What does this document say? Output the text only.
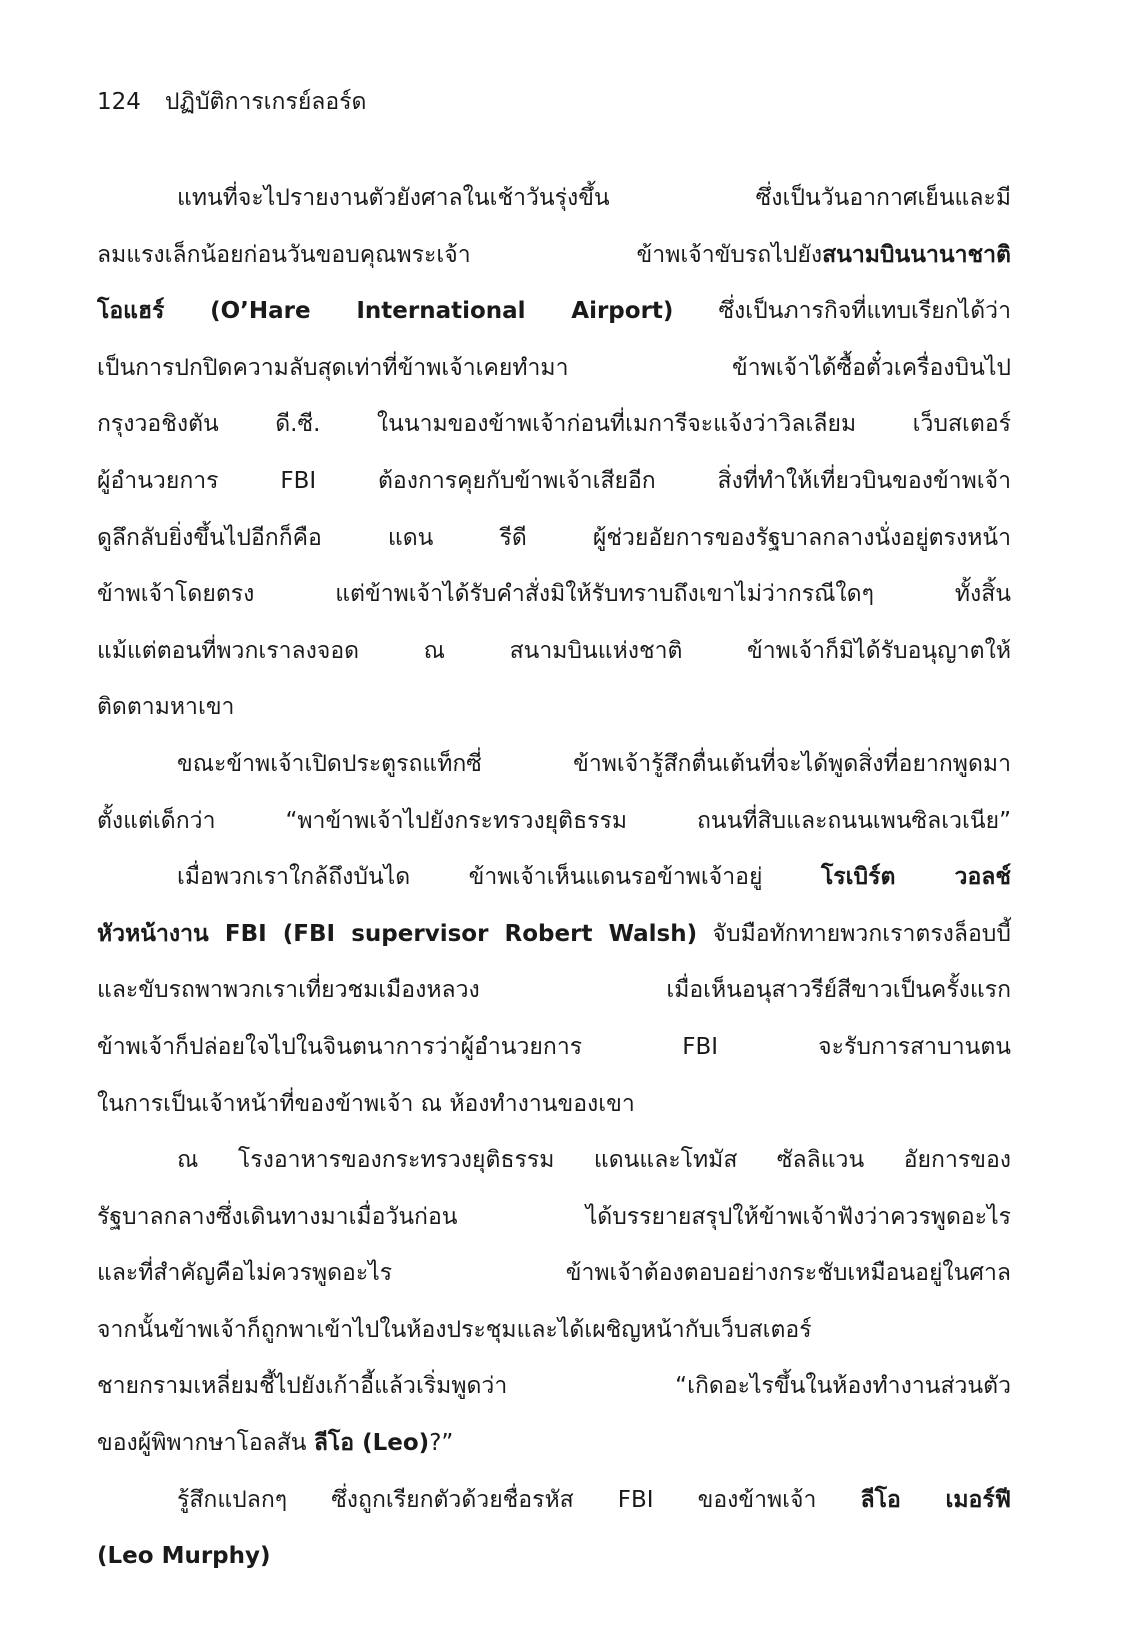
124 ปฏิบัติการเกรย์ลอร์ด
แทนที่จะไปรายงานตัวยังศาลในเช้าวันรุ่งขึ้น ซึ่งเป็นวันอากาศเย็นและมี
ลมแรงเล็กน้อยก่อนวันขอบคุณพระเจ้า ข้าพเจ้าขับรถไปยังสนามบินนานาชาติ
โอแฮร์ (O’Hare International Airport) ซึ่งเป็นภารกิจที่แทบเรียกได้ว่า
เป็นการปกปิดความลับสุดเท่าที่ข้าพเจ้าเคยทำมา ข้าพเจ้าได้ซื้อตั๋วเครื่องบินไป
กรุงวอชิงตัน ดี.ซี. ในนามของข้าพเจ้าก่อนที่เมการีจะแจ้งว่าวิลเลียม เว็บสเตอร์
ผู้อำนวยการ FBI ต้องการคุยกับข้าพเจ้าเสียอีก สิ่งที่ทำให้เที่ยวบินของข้าพเจ้า
ดูลึกลับยิ่งขึ้นไปอีกก็คือ แดน รีดี ผู้ช่วยอัยการของรัฐบาลกลางนั่งอยู่ตรงหน้า
ข้าพเจ้าโดยตรง แต่ข้าพเจ้าได้รับคำสั่งมิให้รับทราบถึงเขาไม่ว่ากรณีใดๆ ทั้งสิ้น
แม้แต่ตอนที่พวกเราลงจอด ณ สนามบินแห่งชาติ ข้าพเจ้าก็มิได้รับอนุญาตให้
ติดตามหาเขา
ขณะข้าพเจ้าเปิดประตูรถแท็กซี่ ข้าพเจ้ารู้สึกตื่นเต้นที่จะได้พูดสิ่งที่อยากพูดมา
ตั้งแต่เด็กว่า “พาข้าพเจ้าไปยังกระทรวงยุติธรรม ถนนที่สิบและถนนเพนซิลเวเนีย”
เมื่อพวกเราใกล้ถึงบันได ข้าพเจ้าเห็นแดนรอข้าพเจ้าอยู่ โรเบิร์ต วอลช์
หัวหน้างาน FBI (FBI supervisor Robert Walsh) จับมือทักทายพวกเราตรงล็อบบี้
และขับรถพาพวกเราเที่ยวชมเมืองหลวง เมื่อเห็นอนุสาวรีย์สีขาวเป็นครั้งแรก
ข้าพเจ้าก็ปล่อยใจไปในจินตนาการว่าผู้อำนวยการ FBI จะรับการสาบานตน
ในการเป็นเจ้าหน้าที่ของข้าพเจ้า ณ ห้องทำงานของเขา
ณ โรงอาหารของกระทรวงยุติธรรม แดนและโทมัส ซัลลิแวน อัยการของ
รัฐบาลกลางซึ่งเดินทางมาเมื่อวันก่อน ได้บรรยายสรุปให้ข้าพเจ้าฟังว่าควรพูดอะไร
และที่สำคัญคือไม่ควรพูดอะไร ข้าพเจ้าต้องตอบอย่างกระชับเหมือนอยู่ในศาล
จากนั้นข้าพเจ้าก็ถูกพาเข้าไปในห้องประชุมและได้เผชิญหน้ากับเว็บสเตอร์
ชายกรามเหลี่ยมชี้ไปยังเก้าอี้แล้วเริ่มพูดว่า “เกิดอะไรขึ้นในห้องทำงานส่วนตัว
ของผู้พิพากษาโอลสัน ลีโอ (Leo)?”
รู้สึกแปลกๆ ซึ่งถูกเรียกตัวด้วยชื่อรหัส FBI ของข้าพเจ้า ลีโอ เมอร์ฟี
(Leo Murphy)
